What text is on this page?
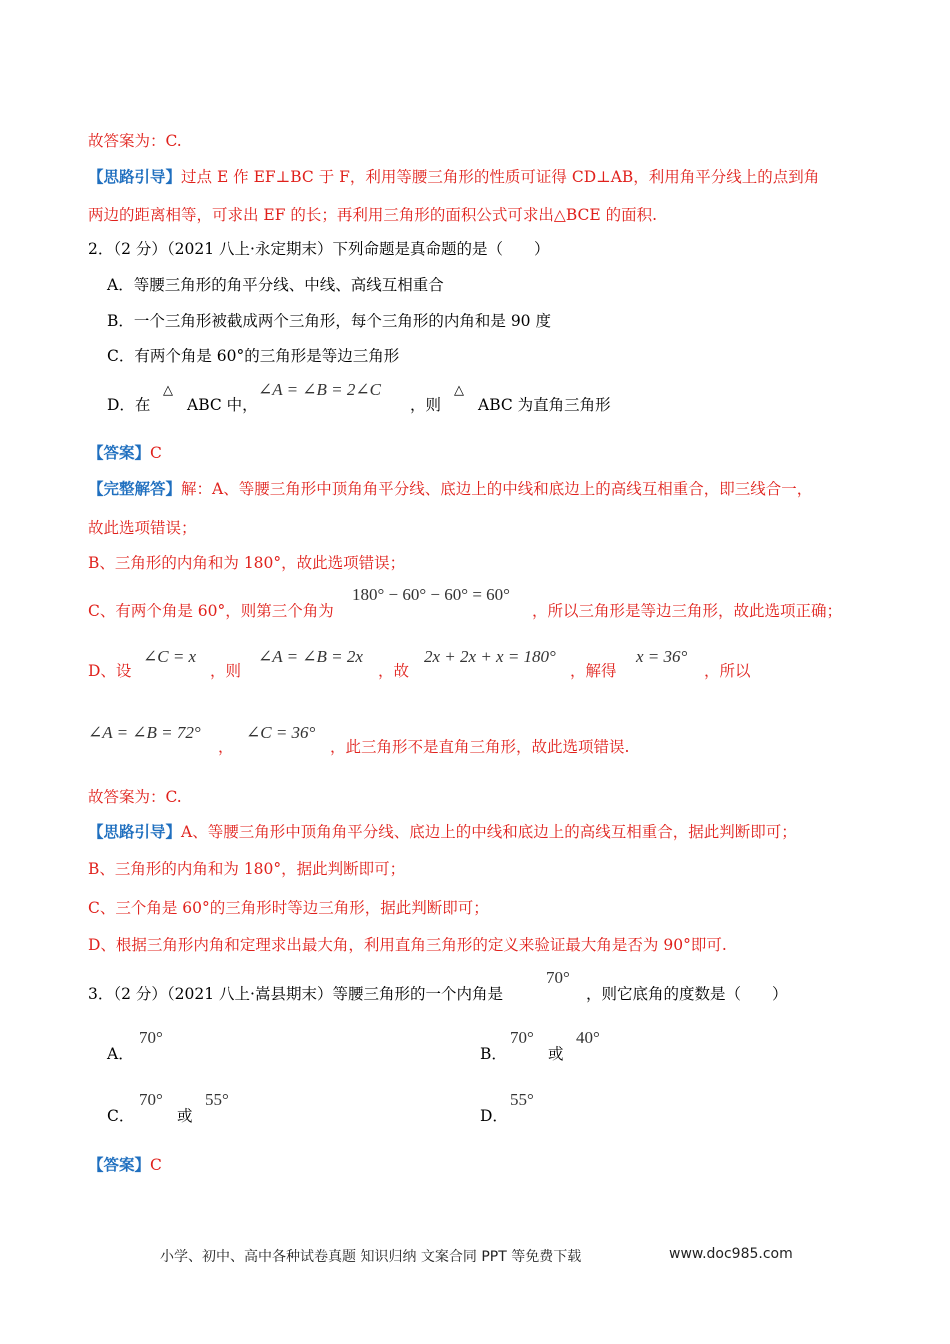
故答案为：C.
【思路引导】过点 E 作 EF⊥BC 于 F，利用等腰三角形的性质可证得 CD⊥AB，利用角平分线上的点到角
两边的距离相等，可求出 EF 的长；再利用三角形的面积公式可求出△BCE 的面积.
2．（2 分）（2021 八上·永定期末）下列命题是真命题的是（　　）
A．等腰三角形的角平分线、中线、高线互相重合
B．一个三角形被截成两个三角形，每个三角形的内角和是 90 度
C．有两个角是 60°的三角形是等边三角形
D．在
△
ABC 中，
∠A = ∠B = 2∠C
，则
△
ABC 为直角三角形
【答案】C
【完整解答】解：A、等腰三角形中顶角角平分线、底边上的中线和底边上的高线互相重合，即三线合一，
故此选项错误；
B、三角形的内角和为 180°，故此选项错误；
C、有两个角是 60°，则第三个角为
180° − 60° − 60° = 60°
，所以三角形是等边三角形，故此选项正确；
D、设
∠C = x
，则
∠A = ∠B = 2x
，故
2x + 2x + x = 180°
，解得
x = 36°
，所以
∠A = ∠B = 72°
，
∠C = 36°
，此三角形不是直角三角形，故此选项错误.
故答案为：C.
【思路引导】A、等腰三角形中顶角角平分线、底边上的中线和底边上的高线互相重合，据此判断即可；
B、三角形的内角和为 180°，据此判断即可；
C、三个角是 60°的三角形时等边三角形，据此判断即可；
D、根据三角形内角和定理求出最大角，利用直角三角形的定义来验证最大角是否为 90°即可.
3．（2 分）（2021 八上·嵩县期末）等腰三角形的一个内角是
70°
，则它底角的度数是（　　）
A．
70°
B．
70°
或
40°
C．
70°
或
55°
D．
55°
【答案】C
小学、初中、高中各种试卷真题 知识归纳 文案合同 PPT 等免费下载	www.doc985.com
